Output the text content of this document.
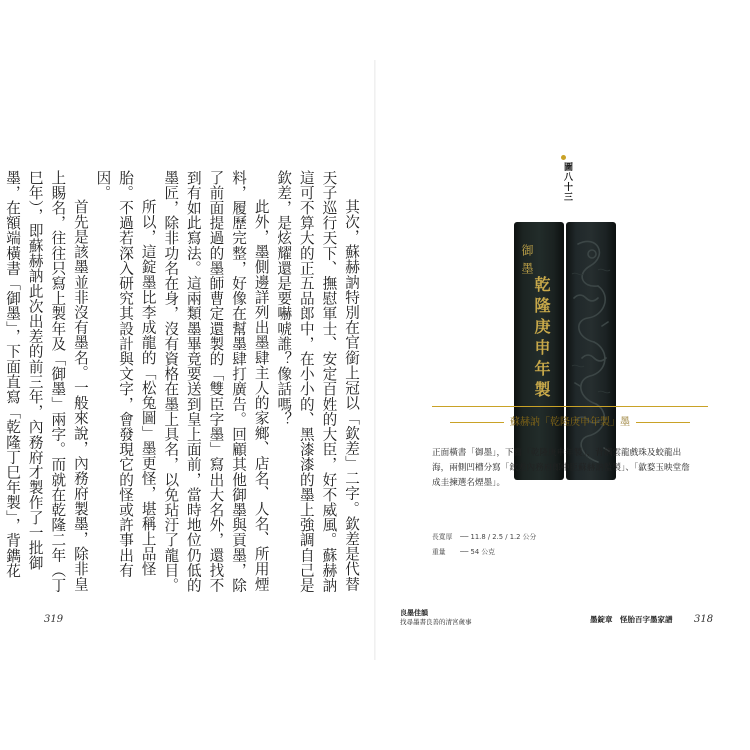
其次，蘇赫訥特別在官銜上冠以「欽差」二字。欽差是代替天子巡行天下、撫慰軍士、安定百姓的大臣，好不威風。蘇赫訥這可不算大的正五品郎中，在小小的、黑漆漆的墨上強調自己是欽差，是炫耀還是要嚇唬誰？像話嗎？

此外，墨側邊詳列出墨肆主人的家鄉、店名、人名、所用煙料，履歷完整，好像在幫墨肆打廣告。回顧其他御墨與貢墨，除了前面提過的墨師曹定還製的「雙臣字墨」寫出大名外，還找不到有如此寫法。這兩類墨畢竟要送到皇上面前，當時地位仍低的墨匠，除非功名在身，沒有資格在墨上具名，以免玷汙了龍目。

所以，這錠墨比李成龍的「松兔圖」墨更怪，堪稱上品怪胎。不過若深入研究其設計與文字，會發現它的怪或許事出有因。

首先是該墨並非沒有墨名。一般來說，內務府製墨，除非皇上賜名，往往只寫上製年及「御墨」兩字。而就在乾隆二年（丁巳年），即蘇赫訥此次出差的前三年，內務府才製作了一批御墨，在額端橫書「御墨」，下面直寫「乾隆丁巳年製」，背鐫花

319
圖八十三
御墨
乾隆庚申年製
蘇赫訥「乾隆庚申年製」墨
正面橫書「御墨」，下寫「乾隆庚申年製」，背鐫雲龍戲珠及蛟龍出海，兩側凹槽分寫「欽差內務府郎中臣蘇赫訥監製」、「歙婺玉映堂詹成圭揀選名煙墨」。
長寬厚 ── 11.8 / 2.5 / 1.2 公分
重量 ── 54 公克
良墨佳韻
找尋墨書良善的清宮歲事	墨錠章　怪胎百字墨家譜 318
